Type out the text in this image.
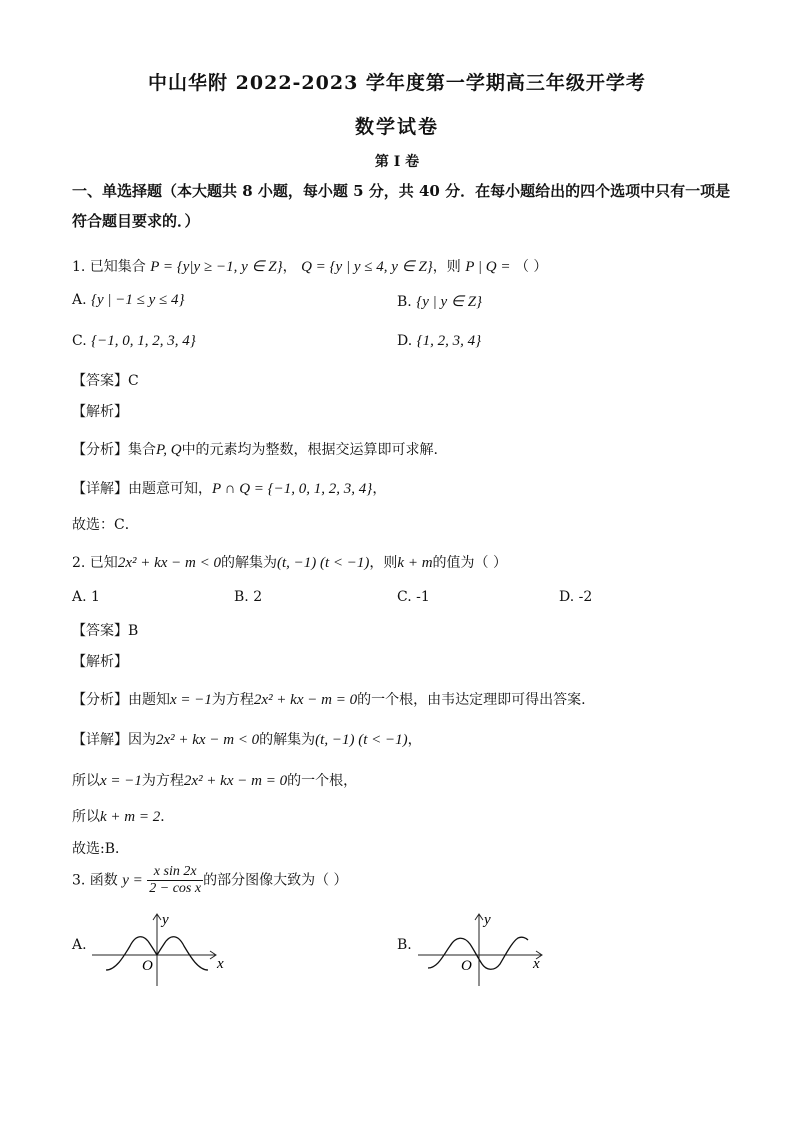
中山华附 2022-2023 学年度第一学期高三年级开学考
数学试卷
第 I 卷
一、单选择题（本大题共 8 小题，每小题 5 分，共 40 分．在每小题给出的四个选项中只有一项是符合题目要求的．）
1. 已知集合 P = {y|y ≥ −1, y ∈ Z}， Q = {y | y ≤ 4, y ∈ Z}，则 P | Q = （ ）
A. {y | −1 ≤ y ≤ 4}	B. {y | y ∈ Z}
C. {−1, 0, 1, 2, 3, 4}	D. {1, 2, 3, 4}
【答案】C
【解析】
【分析】集合P, Q中的元素均为整数，根据交运算即可求解.
【详解】由题意可知，P ∩ Q = {−1, 0, 1, 2, 3, 4}，
故选：C．
2. 已知2x² + kx − m < 0的解集为(t, −1) (t < −1)，则k + m的值为（ ）
A. 1	B. 2	C. -1	D. -2
【答案】B
【解析】
【分析】由题知x = −1为方程2x² + kx − m = 0的一个根，由韦达定理即可得出答案.
【详解】因为2x² + kx − m < 0的解集为(t, −1) (t < −1)，
所以x = −1为方程2x² + kx − m = 0的一个根，
所以k + m = 2．
故选:B．
3. 函数 $y = \frac{\text{x sin 2x}}{\text{2 − cos x}}$ 的部分图像大致为（ ）
A.
y
x
O
B.
y
x
O
